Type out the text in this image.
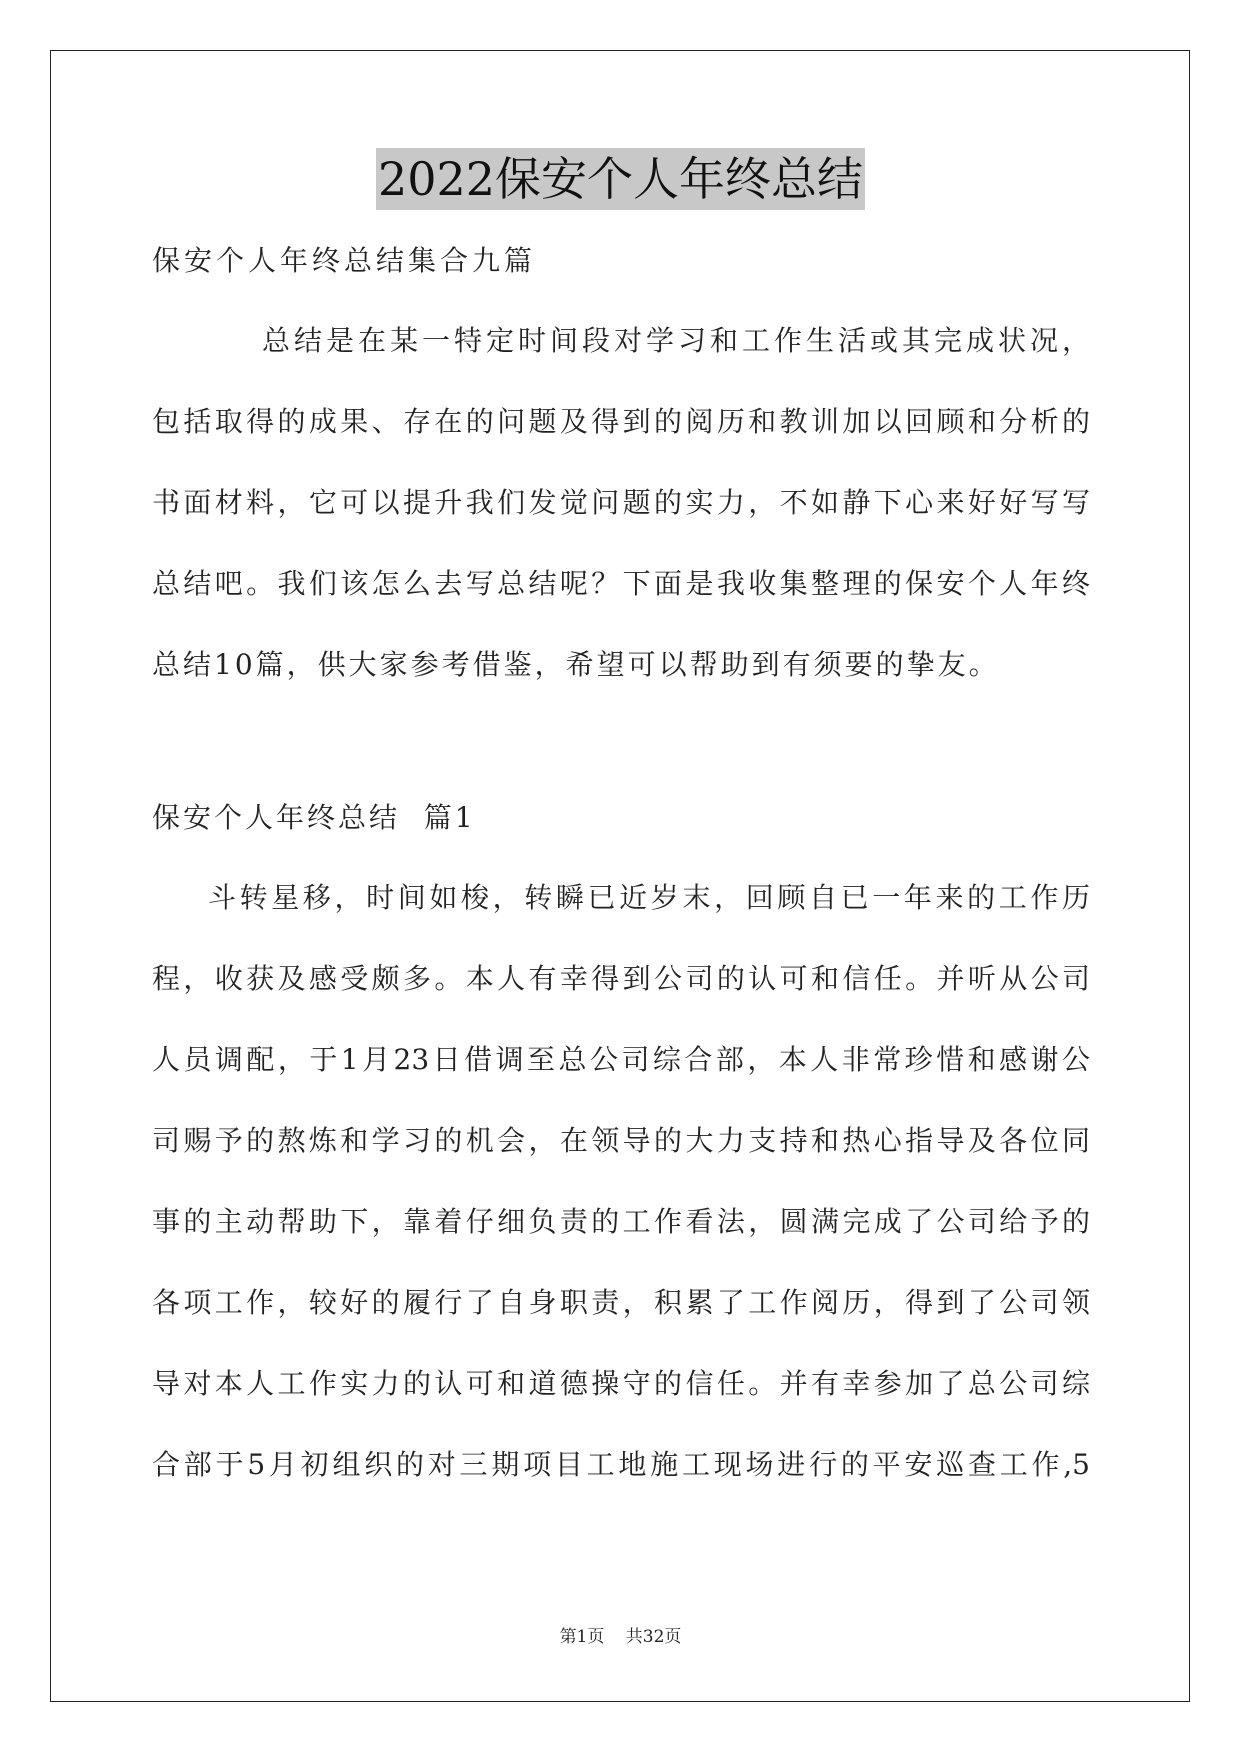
2022保安个人年终总结
保安个人年终总结集合九篇
总结是在某一特定时间段对学习和工作生活或其完成状况，
包括取得的成果、存在的问题及得到的阅历和教训加以回顾和分析的
书面材料，它可以提升我们发觉问题的实力，不如静下心来好好写写
总结吧。我们该怎么去写总结呢？下面是我收集整理的保安个人年终
总结10篇，供大家参考借鉴，希望可以帮助到有须要的挚友。
保安个人年终总结  篇1
斗转星移，时间如梭，转瞬已近岁末，回顾自已一年来的工作历
程，收获及感受颇多。本人有幸得到公司的认可和信任。并听从公司
人员调配，于1月23日借调至总公司综合部，本人非常珍惜和感谢公
司赐予的熬炼和学习的机会，在领导的大力支持和热心指导及各位同
事的主动帮助下，靠着仔细负责的工作看法，圆满完成了公司给予的
各项工作，较好的履行了自身职责，积累了工作阅历，得到了公司领
导对本人工作实力的认可和道德操守的信任。并有幸参加了总公司综
合部于5月初组织的对三期项目工地施工现场进行的平安巡查工作,5
第1页 共32页
